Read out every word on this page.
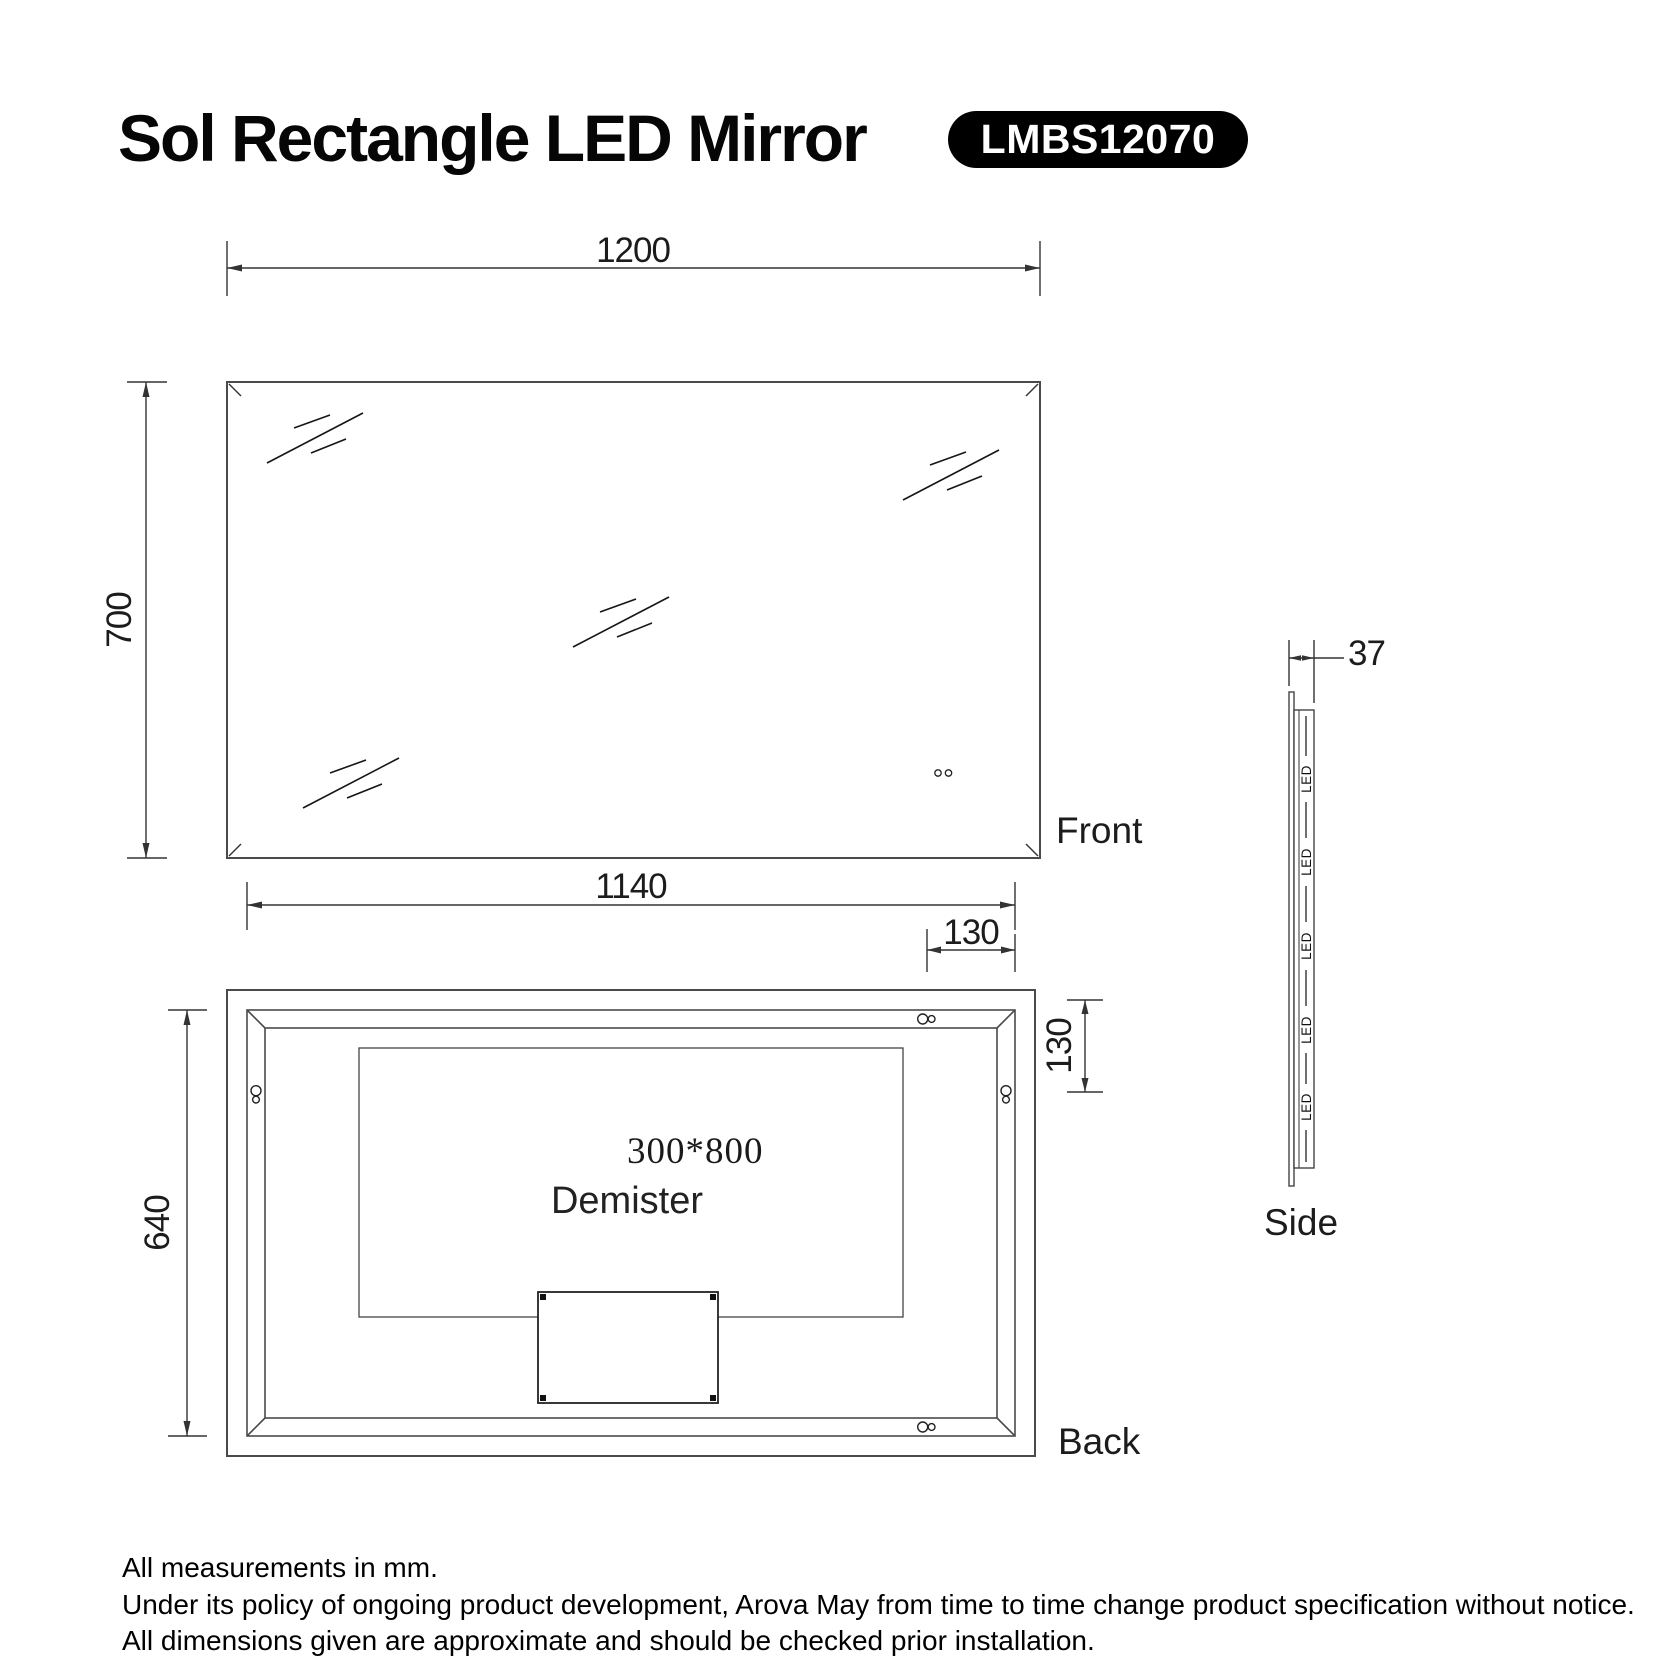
Sol Rectangle LED Mirror	LMBS12070
1200
700
1140
130
640
130
37
Front
Back
Side
300*800
Demister
LED
LED
LED
LED
LED
All measurements in mm.
Under its policy of ongoing product development, Arova May from time to time change product specification without notice.
All dimensions given are approximate and should be checked prior installation.
